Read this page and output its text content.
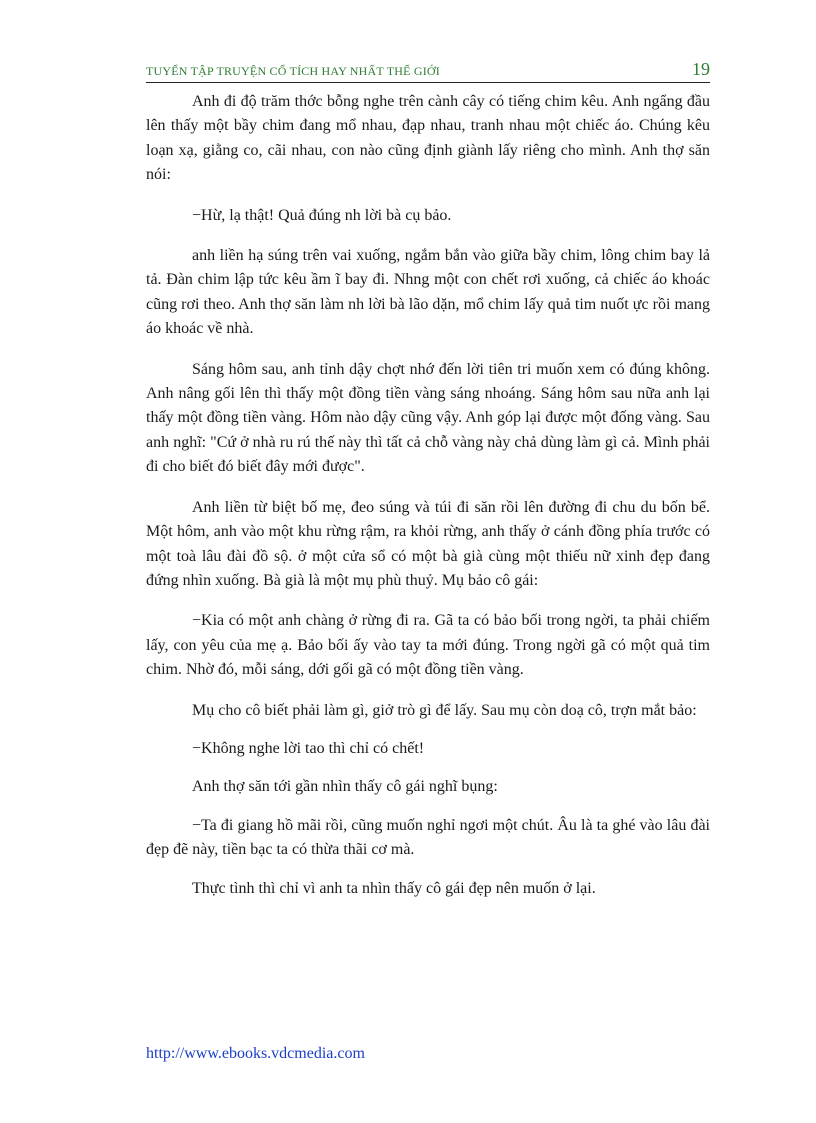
TUYỂN TẬP TRUYỆN CỔ TÍCH HAY NHẤT THẾ GIỚI	19

Anh đi độ trăm thớc bỗng nghe trên cành cây có tiếng chim kêu. Anh ngẩng đầu lên thấy một bầy chim đang mổ nhau, đạp nhau, tranh nhau một chiếc áo. Chúng kêu loạn xạ, giằng co, cãi nhau, con nào cũng định giành lấy riêng cho mình. Anh thợ săn nói:

−Hừ, lạ thật! Quả đúng nh lời bà cụ bảo.

anh liền hạ súng trên vai xuống, ngắm bắn vào giữa bầy chim, lông chim bay lả tả. Đàn chim lập tức kêu ầm ĩ bay đi. Nhng một con chết rơi xuống, cả chiếc áo khoác cũng rơi theo. Anh thợ săn làm nh lời bà lão dặn, mổ chim lấy quả tim nuốt ực rồi mang áo khoác về nhà.

Sáng hôm sau, anh tỉnh dậy chợt nhớ đến lời tiên tri muốn xem có đúng không. Anh nâng gối lên thì thấy một đồng tiền vàng sáng nhoáng. Sáng hôm sau nữa anh lại thấy một đồng tiền vàng. Hôm nào dậy cũng vậy. Anh góp lại được một đống vàng. Sau anh nghĩ: "Cứ ở nhà ru rú thế này thì tất cả chỗ vàng này chả dùng làm gì cả. Mình phải đi cho biết đó biết đây mới được".

Anh liền từ biệt bố mẹ, đeo súng và túi đi săn rồi lên đường đi chu du bốn bể. Một hôm, anh vào một khu rừng rậm, ra khỏi rừng, anh thấy ở cánh đồng phía trước có một toà lâu đài đồ sộ. ở một cửa sổ có một bà già cùng một thiếu nữ xinh đẹp đang đứng nhìn xuống. Bà già là một mụ phù thuỷ. Mụ bảo cô gái:

−Kia có một anh chàng ở rừng đi ra. Gã ta có bảo bối trong ngời, ta phải chiếm lấy, con yêu của mẹ ạ. Bảo bối ấy vào tay ta mới đúng. Trong ngời gã có một quả tim chim. Nhờ đó, mỗi sáng, dới gối gã có một đồng tiền vàng.

Mụ cho cô biết phải làm gì, giở trò gì để lấy. Sau mụ còn doạ cô, trợn mắt bảo:

−Không nghe lời tao thì chỉ có chết!

Anh thợ săn tới gần nhìn thấy cô gái nghĩ bụng:

−Ta đi giang hồ mãi rồi, cũng muốn nghỉ ngơi một chút. Âu là ta ghé vào lâu đài đẹp đẽ này, tiền bạc ta có thừa thãi cơ mà.

Thực tình thì chỉ vì anh ta nhìn thấy cô gái đẹp nên muốn ở lại.

http://www.ebooks.vdcmedia.com
